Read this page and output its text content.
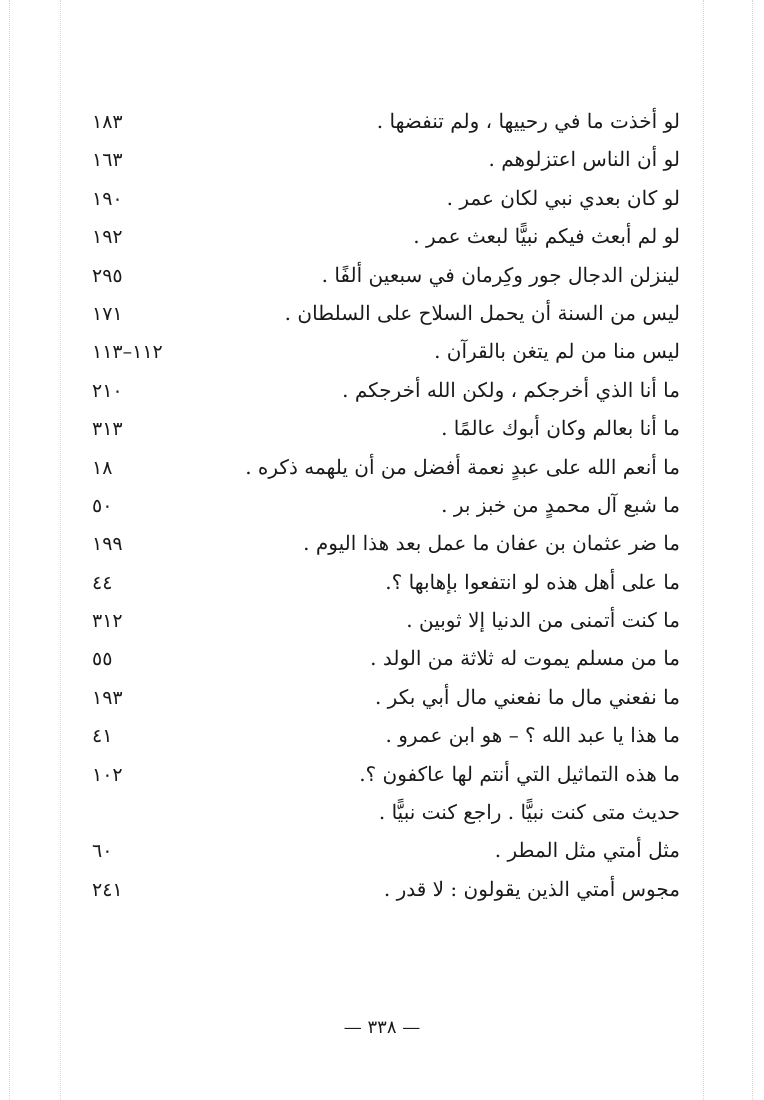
لو أخذت ما في رحييها ، ولم تنفضها .
١٨٣
لو أن الناس اعتزلوهم .
١٦٣
لو كان بعدي نبي لكان عمر .
١٩٠
لو لم أبعث فيكم نبيًّا لبعث عمر .
١٩٢
لينزلن الدجال جور وكِرمان في سبعين ألفًا .
٢٩٥
ليس من السنة أن يحمل السلاح على السلطان .
١٧١
ليس منا من لم يتغن بالقرآن .
١١٢–١١٣
ما أنا الذي أخرجكم ، ولكن الله أخرجكم .
٢١٠
ما أنا بعالم وكان أبوك عالمًا .
٣١٣
ما أنعم الله على عبدٍ نعمة أفضل من أن يلهمه ذكره .
١٨
ما شبع آل محمدٍ من خبز بر .
٥٠
ما ضر عثمان بن عفان ما عمل بعد هذا اليوم .
١٩٩
ما على أهل هذه لو انتفعوا بإهابها ؟.
٤٤
ما كنت أتمنى من الدنيا إلا ثوبين .
٣١٢
ما من مسلم يموت له ثلاثة من الولد .
٥٥
ما نفعني مال ما نفعني مال أبي بكر .
١٩٣
ما هذا يا عبد الله ؟ – هو ابن عمرو .
٤١
ما هذه التماثيل التي أنتم لها عاكفون ؟.
١٠٢
حديث متى كنت نبيًّا . راجع كنت نبيًّا .
مثل أمتي مثل المطر .
٦٠
مجوس أمتي الذين يقولون : لا قدر .
٢٤١
— ٣٣٨ —
